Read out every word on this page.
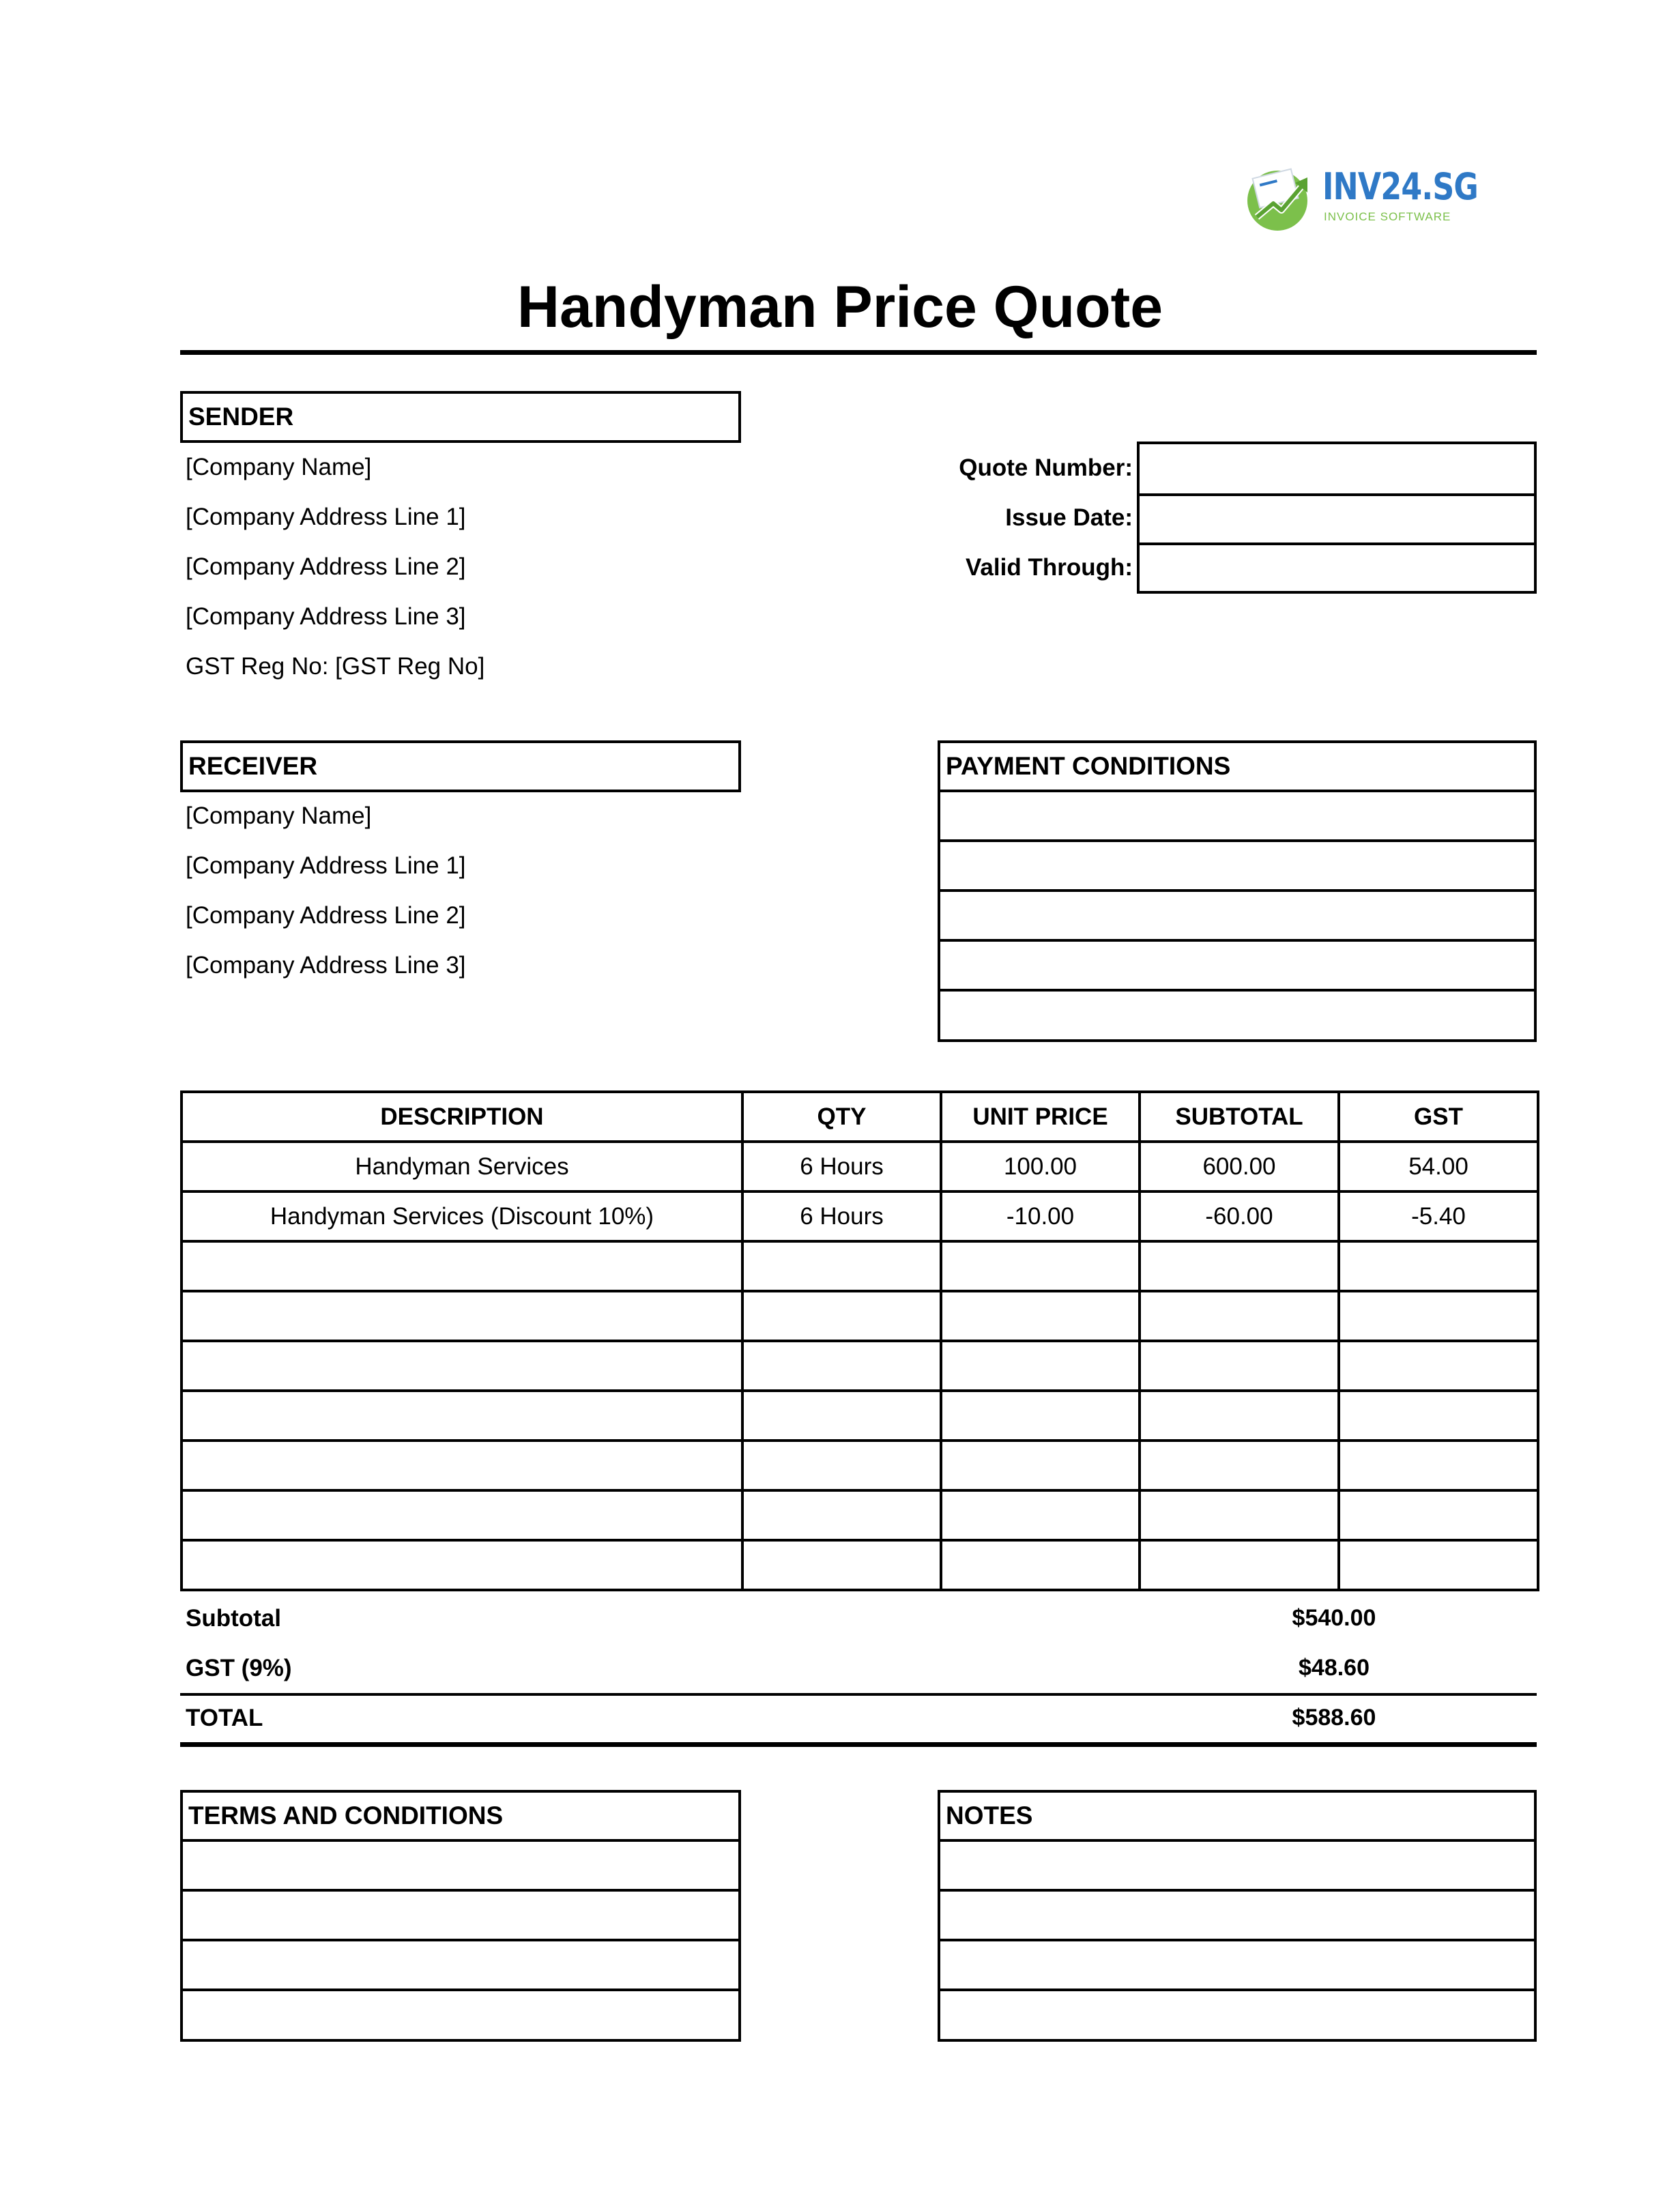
INV24.SG
INVOICE SOFTWARE
Handyman Price Quote
SENDER
[Company Name]
[Company Address Line 1]
[Company Address Line 2]
[Company Address Line 3]
GST Reg No: [GST Reg No]
Quote Number:
Issue Date:
Valid Through:
RECEIVER
[Company Name]
[Company Address Line 1]
[Company Address Line 2]
[Company Address Line 3]
PAYMENT CONDITIONS
DESCRIPTION	QTY	UNIT PRICE	SUBTOTAL	GST
Handyman Services	6 Hours	100.00	600.00	54.00
Handyman Services (Discount 10%)	6 Hours	-10.00	-60.00	-5.40

Subtotal	$540.00
GST (9%)	$48.60
TOTAL	$588.60
TERMS AND CONDITIONS	NOTES
